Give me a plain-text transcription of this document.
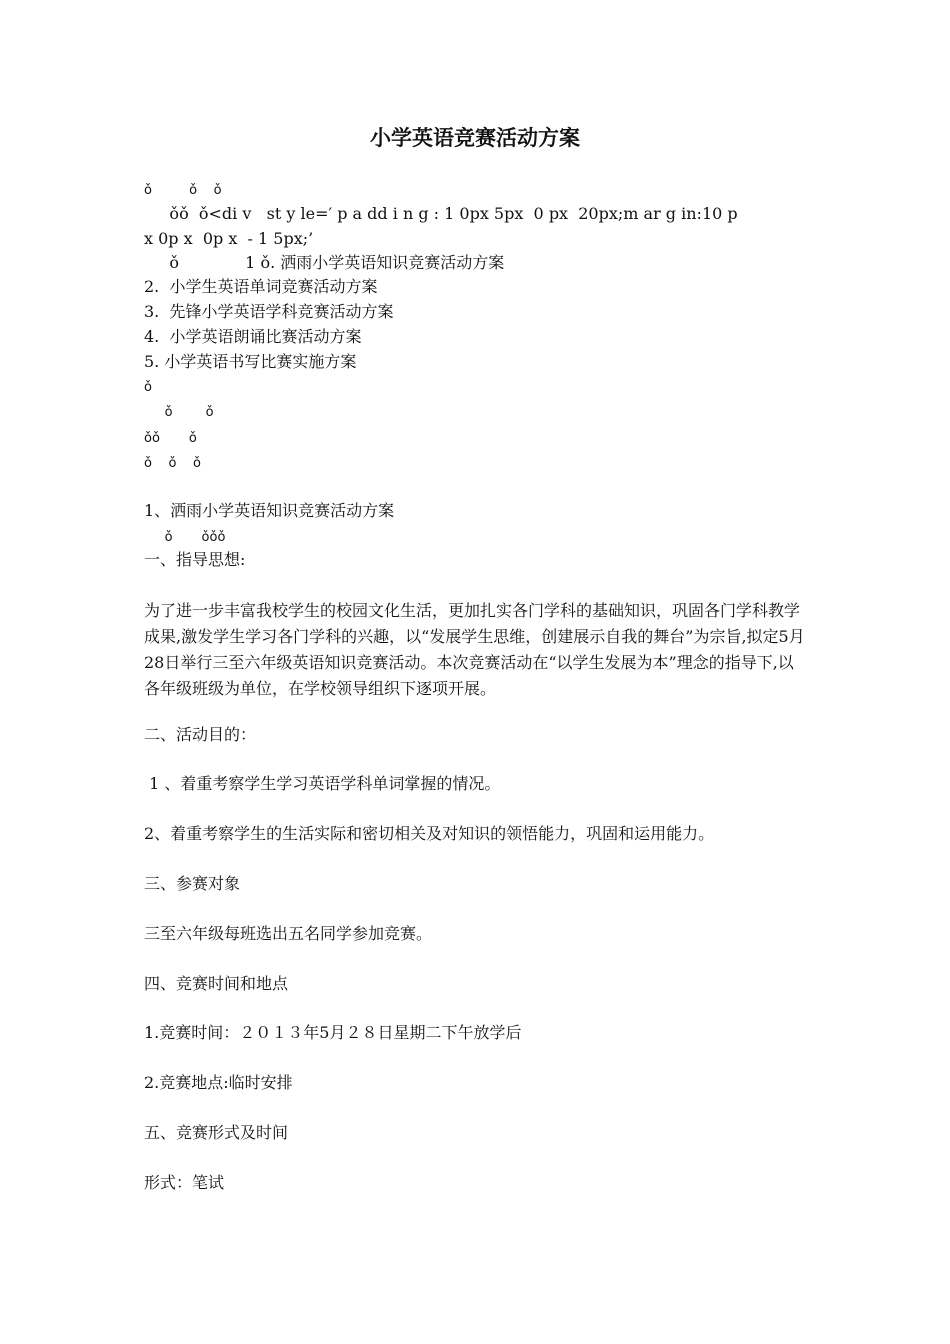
小学英语竞赛活动方案
ǒ         ǒ    ǒ
ǒǒ  ǒ<di v   st y le=′ p a dd i n g : 1 0px 5px  0 px  20px;m ar g in:10 p
x 0p x  0p x  - 1 5px;’
ǒ             1 ǒ. 洒雨小学英语知识竞赛活动方案
2.  小学生英语单词竞赛活动方案
3.  先锋小学英语学科竞赛活动方案
4.  小学英语朗诵比赛活动方案
5. 小学英语书写比赛实施方案
ǒ
ǒ        ǒ
ǒǒ       ǒ
ǒ    ǒ    ǒ
1、洒雨小学英语知识竞赛活动方案
ǒ       ǒǒǒ
一、指导思想:
为了进一步丰富我校学生的校园文化生活，更加扎实各门学科的基础知识，巩固各门学科教学成果,激发学生学习各门学科的兴趣，以“发展学生思维，创建展示自我的舞台”为宗旨,拟定5月28日举行三至六年级英语知识竞赛活动。本次竞赛活动在“以学生发展为本”理念的指导下,以各年级班级为单位，在学校领导组织下逐项开展。
二、活动目的：
1 、着重考察学生学习英语学科单词掌握的情况。
2、着重考察学生的生活实际和密切相关及对知识的领悟能力，巩固和运用能力。
三、参赛对象
三至六年级每班选出五名同学参加竞赛。
四、竞赛时间和地点
1.竞赛时间：２０１３年5月２８日星期二下午放学后
2.竞赛地点:临时安排
五、竞赛形式及时间
形式：笔试
